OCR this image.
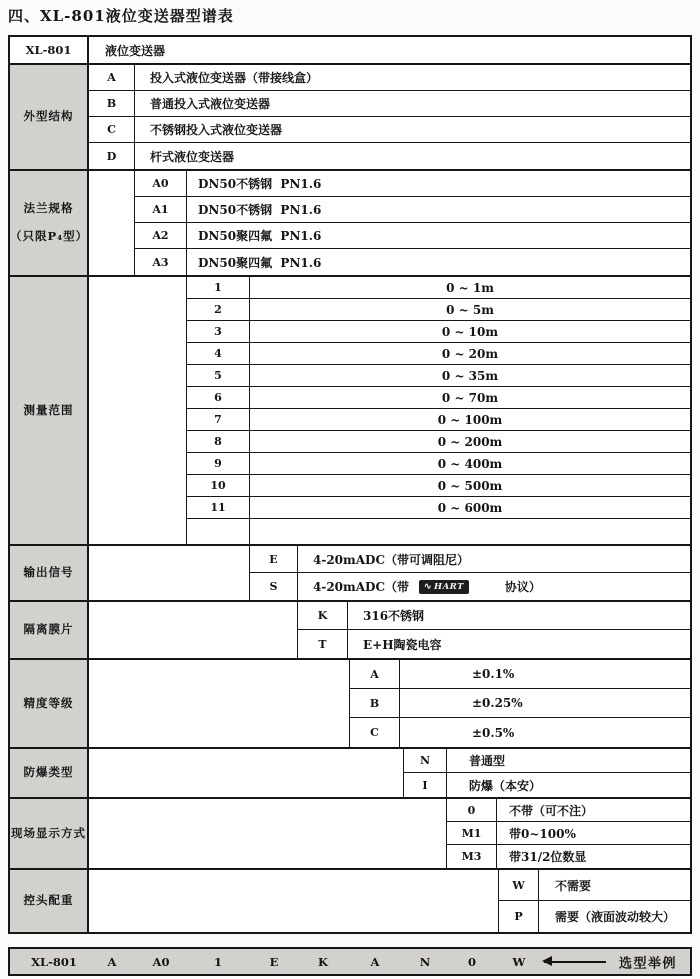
四、XL-801液位变送器型谱表
XL-801	液位变送器
外型结构
A	投入式液位变送器（带接线盒）
B	普通投入式液位变送器
C	不锈钢投入式液位变送器
D	杆式液位变送器
法兰规格
（只限P₄型）
A0	DN50不锈钢  PN1.6
A1	DN50不锈钢  PN1.6
A2	DN50聚四氟  PN1.6
A3	DN50聚四氟  PN1.6
测量范围
1	0 ~ 1m
2	0 ~ 5m
3	0 ~ 10m
4	0 ~ 20m
5	0 ~ 35m
6	0 ~ 70m
7	0 ~ 100m
8	0 ~ 200m
9	0 ~ 400m
10	0 ~ 500m
11	0 ~ 600m
输出信号
E	4-20mADC（带可调阻尼）
S	4-20mADC（带 ∿ HART	协议）
隔离膜片
K	316不锈钢
T	E+H陶瓷电容
精度等级
A	±0.1%
B	±0.25%
C	±0.5%
防爆类型
N	普通型
I	防爆（本安）
现场显示方式
0	不带（可不注）
M1	带0~100%
M3	带31/2位数显
控头配重
W	不需要
P	需要（液面波动较大）
XL-801	A	A0	1	E	K	A	N	0	W	选型举例
